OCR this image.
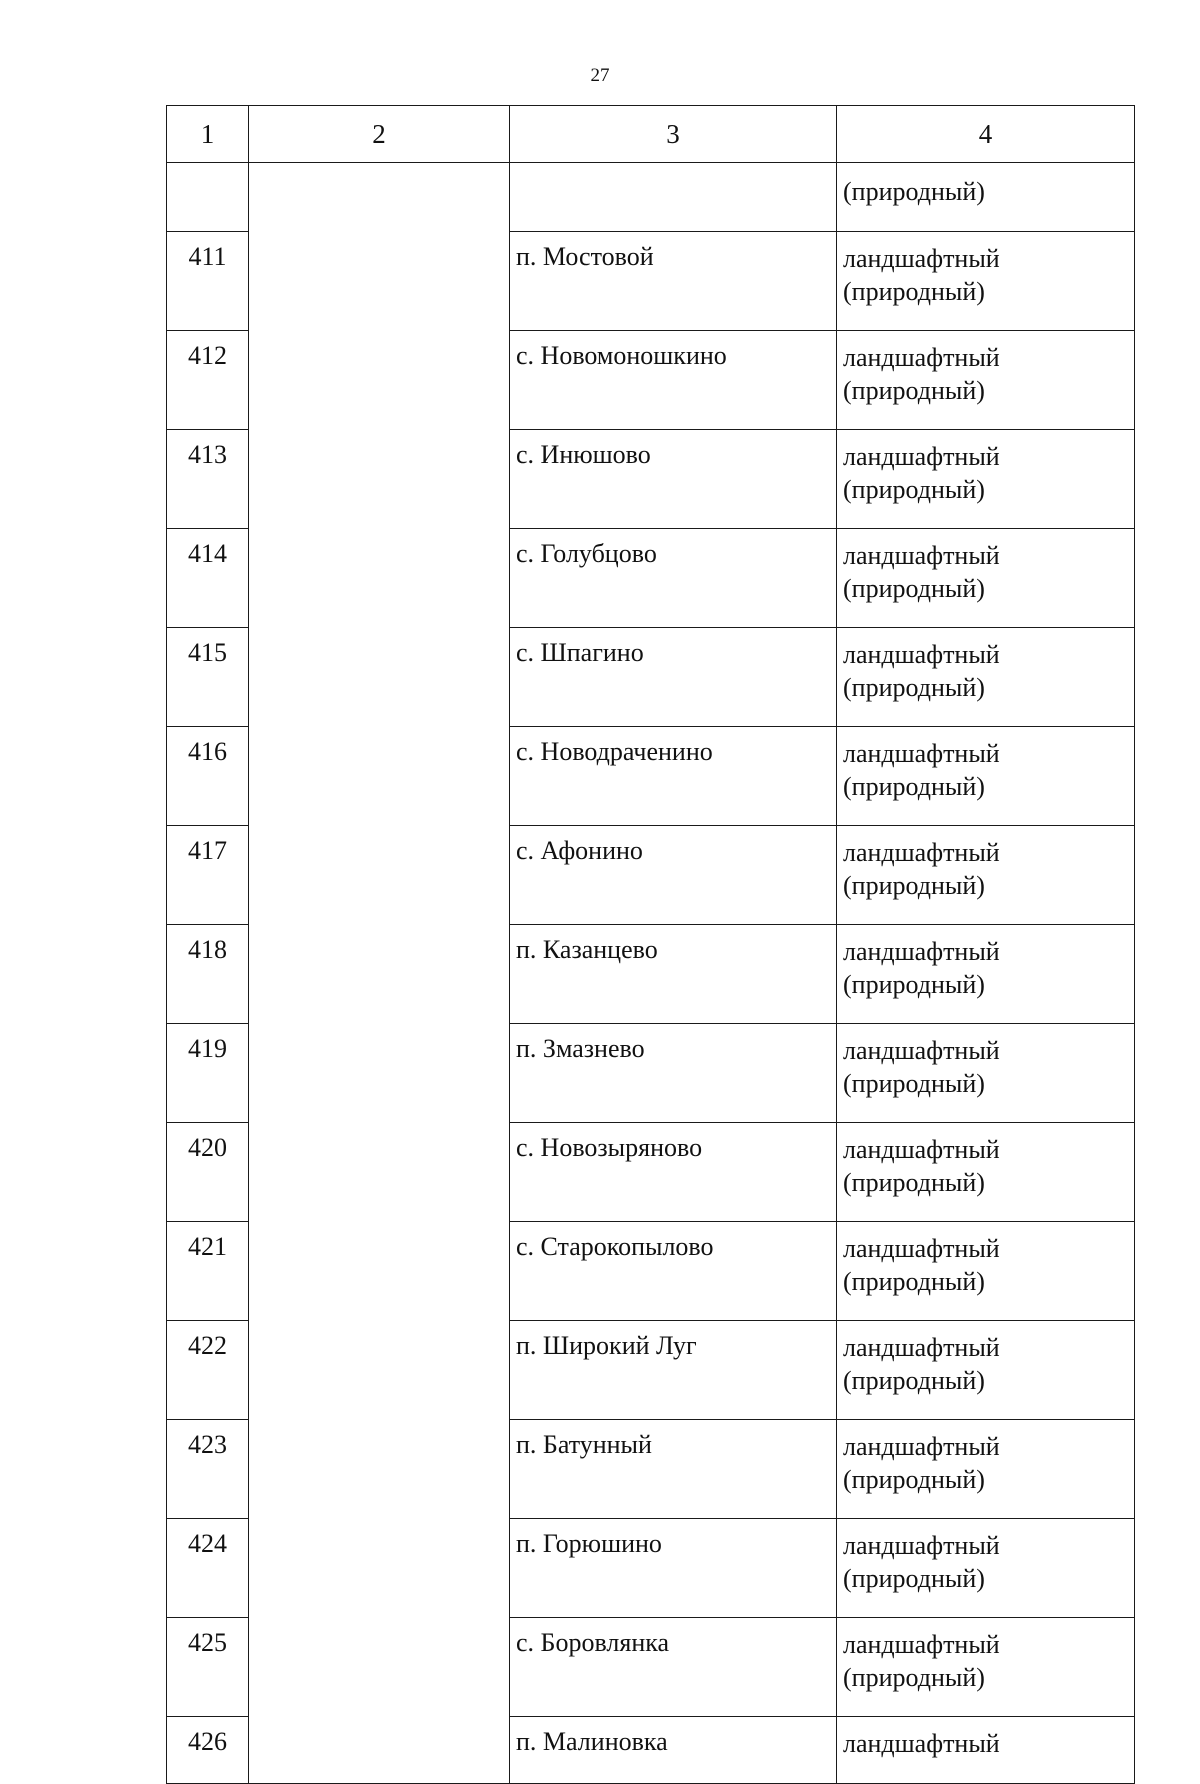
27
1	2	3	4

			(природный)

411		п. Мостовой	ландшафтный
(природный)

412		с. Новомоношкино	ландшафтный
(природный)

413		с. Инюшово	ландшафтный
(природный)

414		с. Голубцово	ландшафтный
(природный)

415		с. Шпагино	ландшафтный
(природный)

416		с. Новодраченино	ландшафтный
(природный)

417		с. Афонино	ландшафтный
(природный)

418		п. Казанцево	ландшафтный
(природный)

419		п. Змазнево	ландшафтный
(природный)

420		с. Новозыряново	ландшафтный
(природный)

421		с. Старокопылово	ландшафтный
(природный)

422		п. Широкий Луг	ландшафтный
(природный)

423		п. Батунный	ландшафтный
(природный)

424		п. Горюшино	ландшафтный
(природный)

425		с. Боровлянка	ландшафтный
(природный)

426		п. Малиновка	ландшафтный
